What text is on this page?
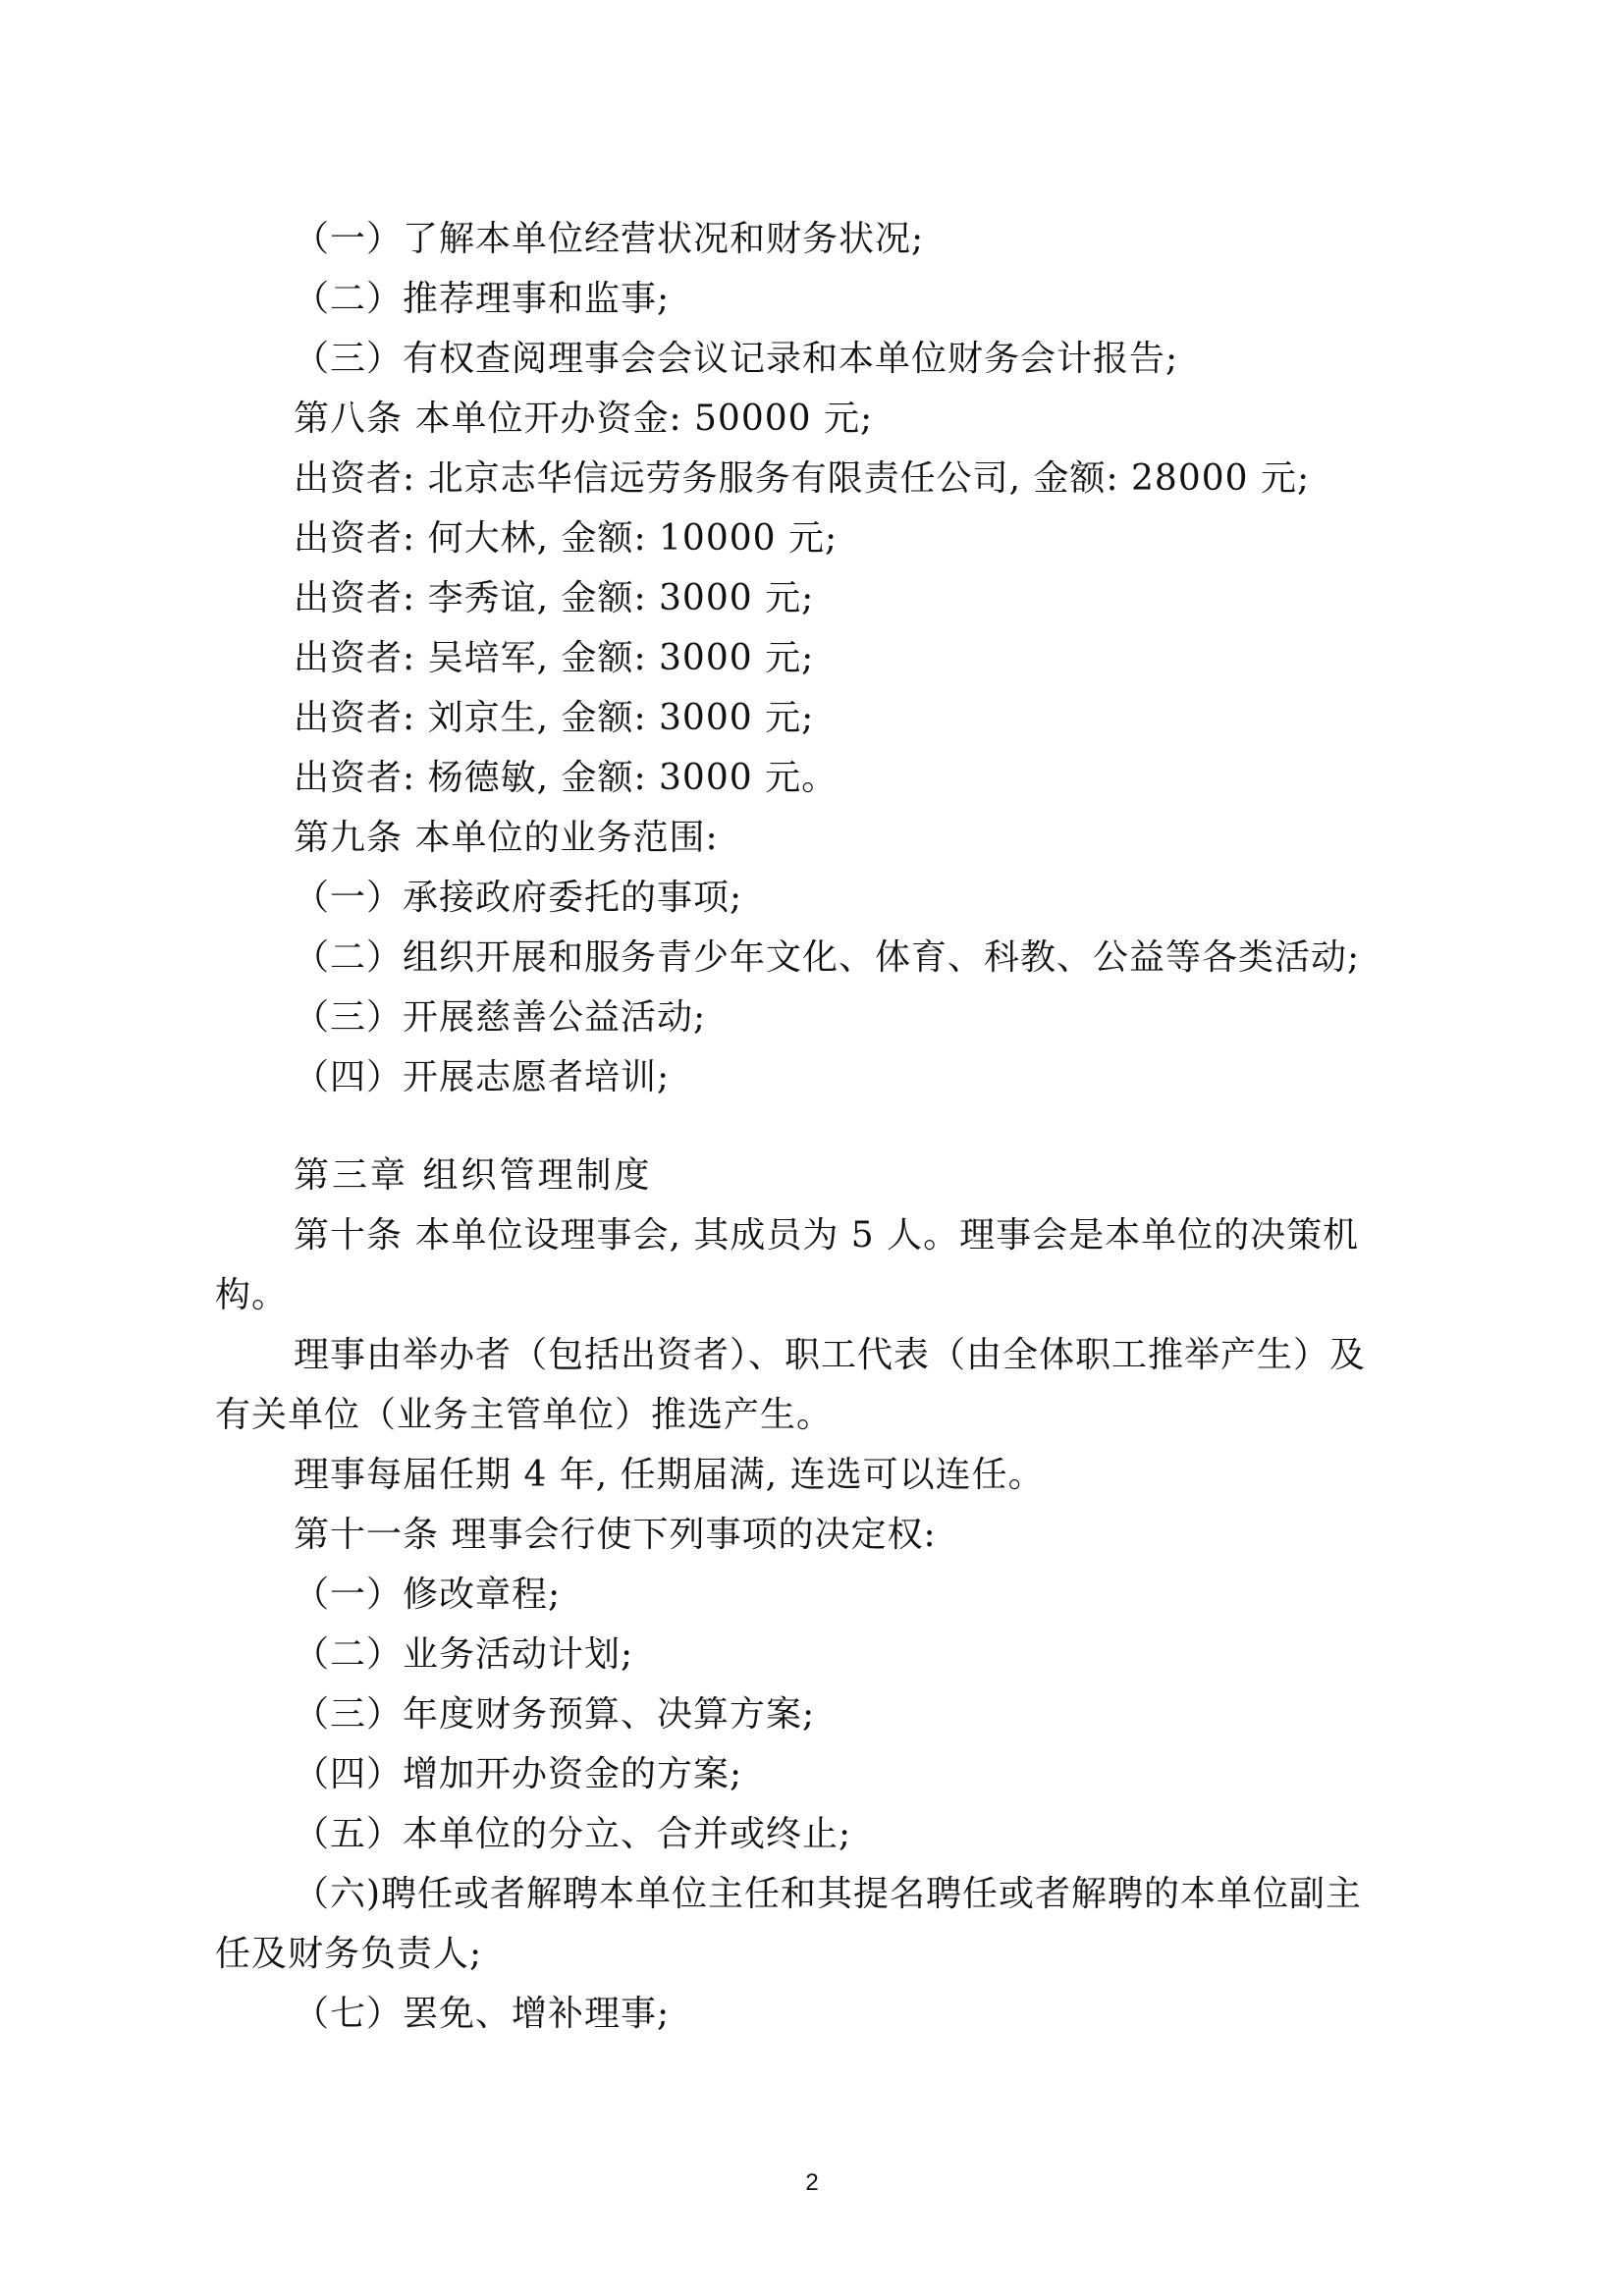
（一）了解本单位经营状况和财务状况;
（二）推荐理事和监事;
（三）有权查阅理事会会议记录和本单位财务会计报告;
第八条 本单位开办资金: 50000 元;
出资者: 北京志华信远劳务服务有限责任公司, 金额: 28000 元;
出资者: 何大林, 金额: 10000 元;
出资者: 李秀谊, 金额: 3000 元;
出资者: 吴培军, 金额: 3000 元;
出资者: 刘京生, 金额: 3000 元;
出资者: 杨德敏, 金额: 3000 元。
第九条 本单位的业务范围:
（一）承接政府委托的事项;
（二）组织开展和服务青少年文化、体育、科教、公益等各类活动;
（三）开展慈善公益活动;
（四）开展志愿者培训;
第三章 组织管理制度
第十条 本单位设理事会, 其成员为 5 人。理事会是本单位的决策机
构。
理事由举办者（包括出资者）、职工代表（由全体职工推举产生）及
有关单位（业务主管单位）推选产生。
理事每届任期 4 年, 任期届满, 连选可以连任。
第十一条 理事会行使下列事项的决定权:
（一）修改章程;
（二）业务活动计划;
（三）年度财务预算、决算方案;
（四）增加开办资金的方案;
（五）本单位的分立、合并或终止;
（六)聘任或者解聘本单位主任和其提名聘任或者解聘的本单位副主
任及财务负责人;
（七）罢免、增补理事;
2
